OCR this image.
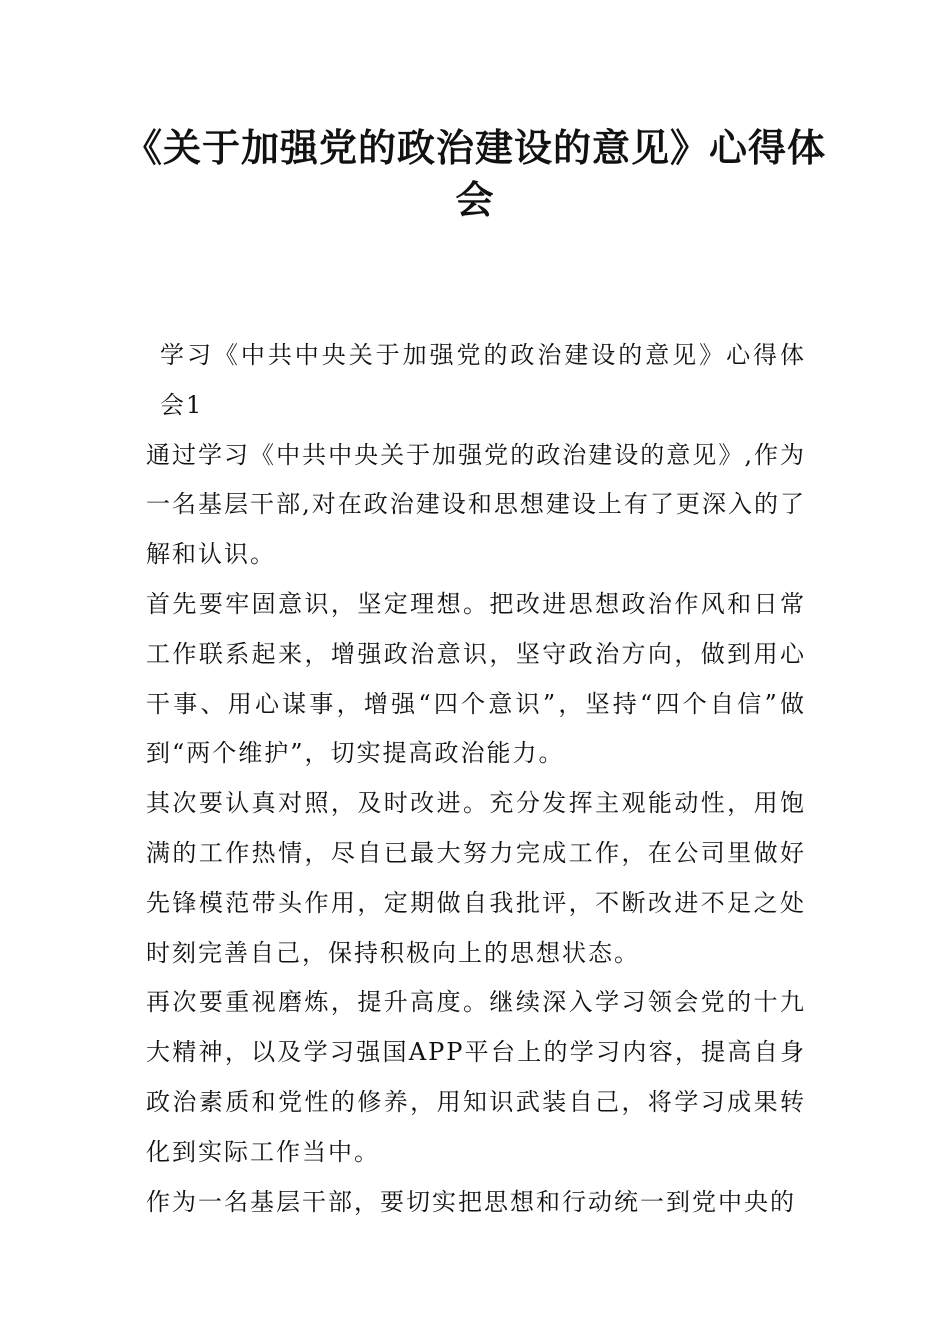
《关于加强党的政治建设的意见》心得体会

学习《中共中央关于加强党的政治建设的意见》心得体会1

通过学习《中共中央关于加强党的政治建设的意见》,作为一名基层干部,对在政治建设和思想建设上有了更深入的了解和认识。

首先要牢固意识，坚定理想。把改进思想政治作风和日常工作联系起来，增强政治意识，坚守政治方向，做到用心干事、用心谋事，增强“四个意识”，坚持“四个自信”做到“两个维护”，切实提高政治能力。

其次要认真对照，及时改进。充分发挥主观能动性，用饱满的工作热情，尽自已最大努力完成工作，在公司里做好先锋模范带头作用，定期做自我批评，不断改进不足之处时刻完善自己，保持积极向上的思想状态。

再次要重视磨炼，提升高度。继续深入学习领会党的十九大精神，以及学习强国APP平台上的学习内容，提高自身政治素质和党性的修养，用知识武装自己，将学习成果转化到实际工作当中。

作为一名基层干部，要切实把思想和行动统一到党中央的
